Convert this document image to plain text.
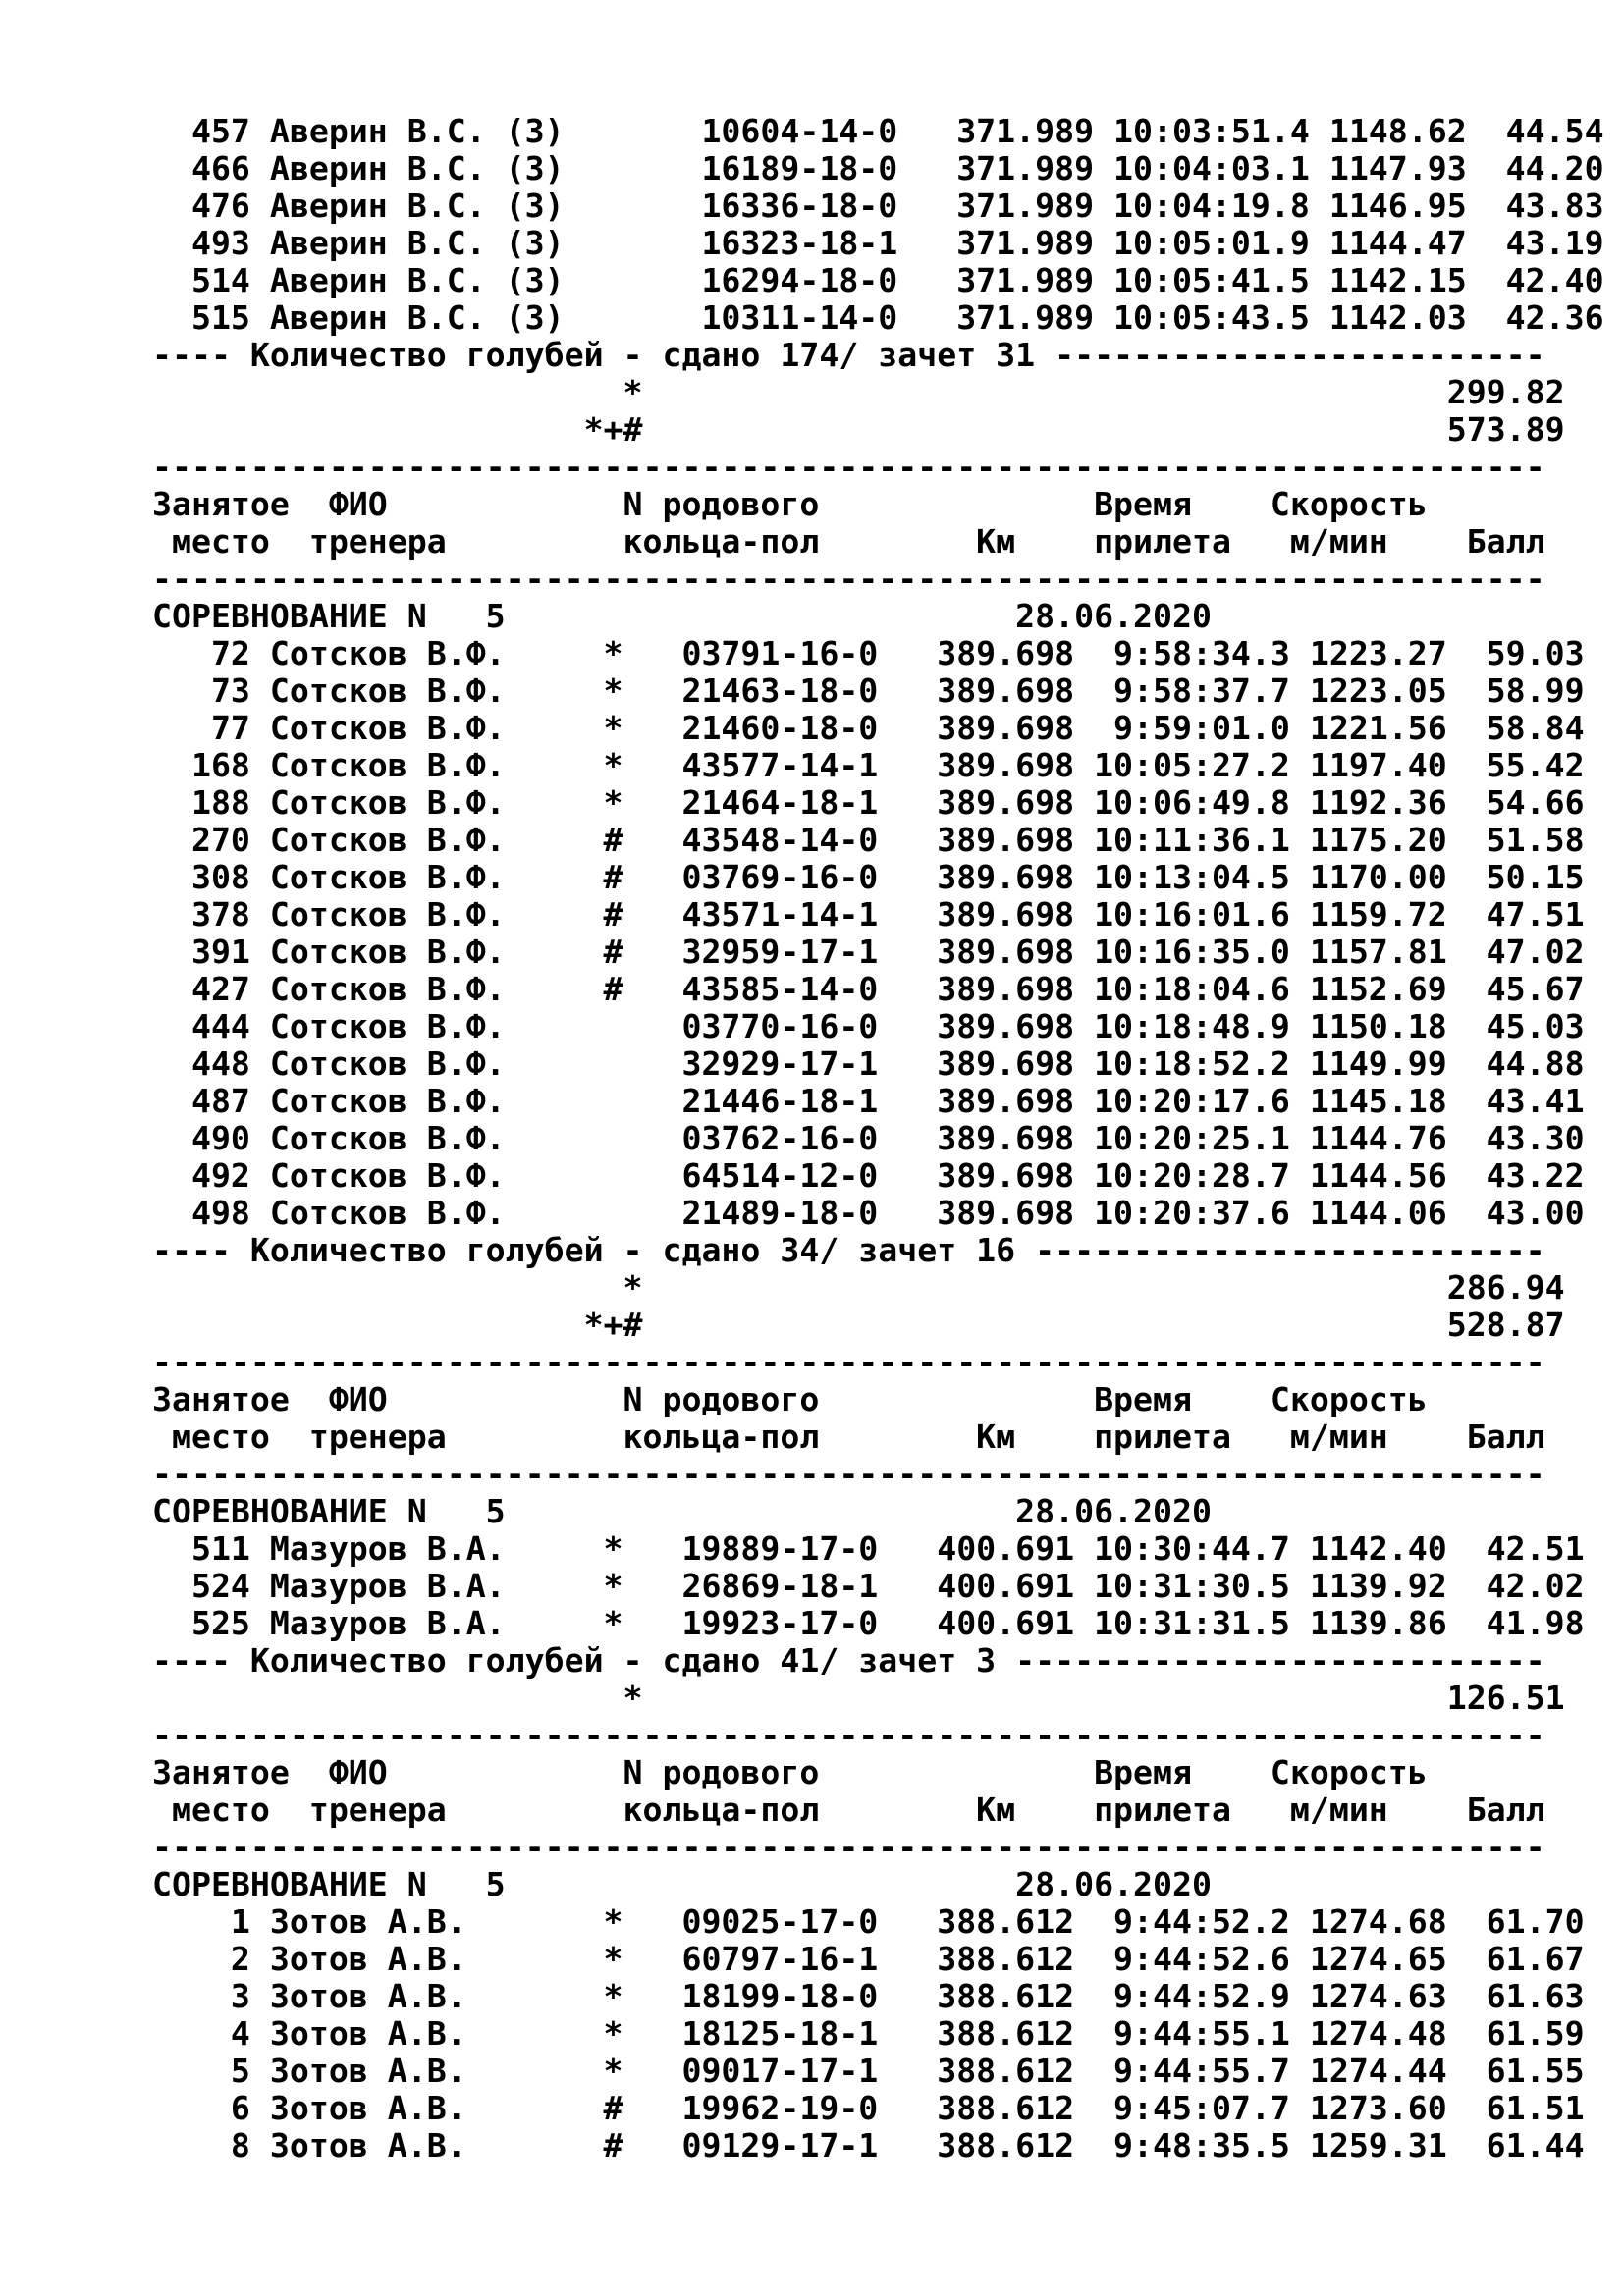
457 Аверин В.С. (З)       10604-14-0   371.989 10:03:51.4 1148.62  44.54
466 Аверин В.С. (З)       16189-18-0   371.989 10:04:03.1 1147.93  44.20
476 Аверин В.С. (З)       16336-18-0   371.989 10:04:19.8 1146.95  43.83
493 Аверин В.С. (З)       16323-18-1   371.989 10:05:01.9 1144.47  43.19
514 Аверин В.С. (З)       16294-18-0   371.989 10:05:41.5 1142.15  42.40
515 Аверин В.С. (З)       10311-14-0   371.989 10:05:43.5 1142.03  42.36
---- Количество голубей - сдано 174/ зачет 31 -------------------------
*                                         299.82
*+#                                         573.89
-----------------------------------------------------------------------
Занятое  ФИО            N родового              Время    Скорость
место  тренера         кольца-пол        Км    прилета   м/мин    Балл
-----------------------------------------------------------------------
СОРЕВНОВАНИЕ N   5                          28.06.2020
72 Сотсков В.Ф.     *   03791-16-0   389.698  9:58:34.3 1223.27  59.03
73 Сотсков В.Ф.     *   21463-18-0   389.698  9:58:37.7 1223.05  58.99
77 Сотсков В.Ф.     *   21460-18-0   389.698  9:59:01.0 1221.56  58.84
168 Сотсков В.Ф.     *   43577-14-1   389.698 10:05:27.2 1197.40  55.42
188 Сотсков В.Ф.     *   21464-18-1   389.698 10:06:49.8 1192.36  54.66
270 Сотсков В.Ф.     #   43548-14-0   389.698 10:11:36.1 1175.20  51.58
308 Сотсков В.Ф.     #   03769-16-0   389.698 10:13:04.5 1170.00  50.15
378 Сотсков В.Ф.     #   43571-14-1   389.698 10:16:01.6 1159.72  47.51
391 Сотсков В.Ф.     #   32959-17-1   389.698 10:16:35.0 1157.81  47.02
427 Сотсков В.Ф.     #   43585-14-0   389.698 10:18:04.6 1152.69  45.67
444 Сотсков В.Ф.         03770-16-0   389.698 10:18:48.9 1150.18  45.03
448 Сотсков В.Ф.         32929-17-1   389.698 10:18:52.2 1149.99  44.88
487 Сотсков В.Ф.         21446-18-1   389.698 10:20:17.6 1145.18  43.41
490 Сотсков В.Ф.         03762-16-0   389.698 10:20:25.1 1144.76  43.30
492 Сотсков В.Ф.         64514-12-0   389.698 10:20:28.7 1144.56  43.22
498 Сотсков В.Ф.         21489-18-0   389.698 10:20:37.6 1144.06  43.00
---- Количество голубей - сдано 34/ зачет 16 --------------------------
*                                         286.94
*+#                                         528.87
-----------------------------------------------------------------------
Занятое  ФИО            N родового              Время    Скорость
место  тренера         кольца-пол        Км    прилета   м/мин    Балл
-----------------------------------------------------------------------
СОРЕВНОВАНИЕ N   5                          28.06.2020
511 Мазуров В.А.     *   19889-17-0   400.691 10:30:44.7 1142.40  42.51
524 Мазуров В.А.     *   26869-18-1   400.691 10:31:30.5 1139.92  42.02
525 Мазуров В.А.     *   19923-17-0   400.691 10:31:31.5 1139.86  41.98
---- Количество голубей - сдано 41/ зачет 3 ---------------------------
*                                         126.51
-----------------------------------------------------------------------
Занятое  ФИО            N родового              Время    Скорость
место  тренера         кольца-пол        Км    прилета   м/мин    Балл
-----------------------------------------------------------------------
СОРЕВНОВАНИЕ N   5                          28.06.2020
1 Зотов А.В.       *   09025-17-0   388.612  9:44:52.2 1274.68  61.70
2 Зотов А.В.       *   60797-16-1   388.612  9:44:52.6 1274.65  61.67
3 Зотов А.В.       *   18199-18-0   388.612  9:44:52.9 1274.63  61.63
4 Зотов А.В.       *   18125-18-1   388.612  9:44:55.1 1274.48  61.59
5 Зотов А.В.       *   09017-17-1   388.612  9:44:55.7 1274.44  61.55
6 Зотов А.В.       #   19962-19-0   388.612  9:45:07.7 1273.60  61.51
8 Зотов А.В.       #   09129-17-1   388.612  9:48:35.5 1259.31  61.44
